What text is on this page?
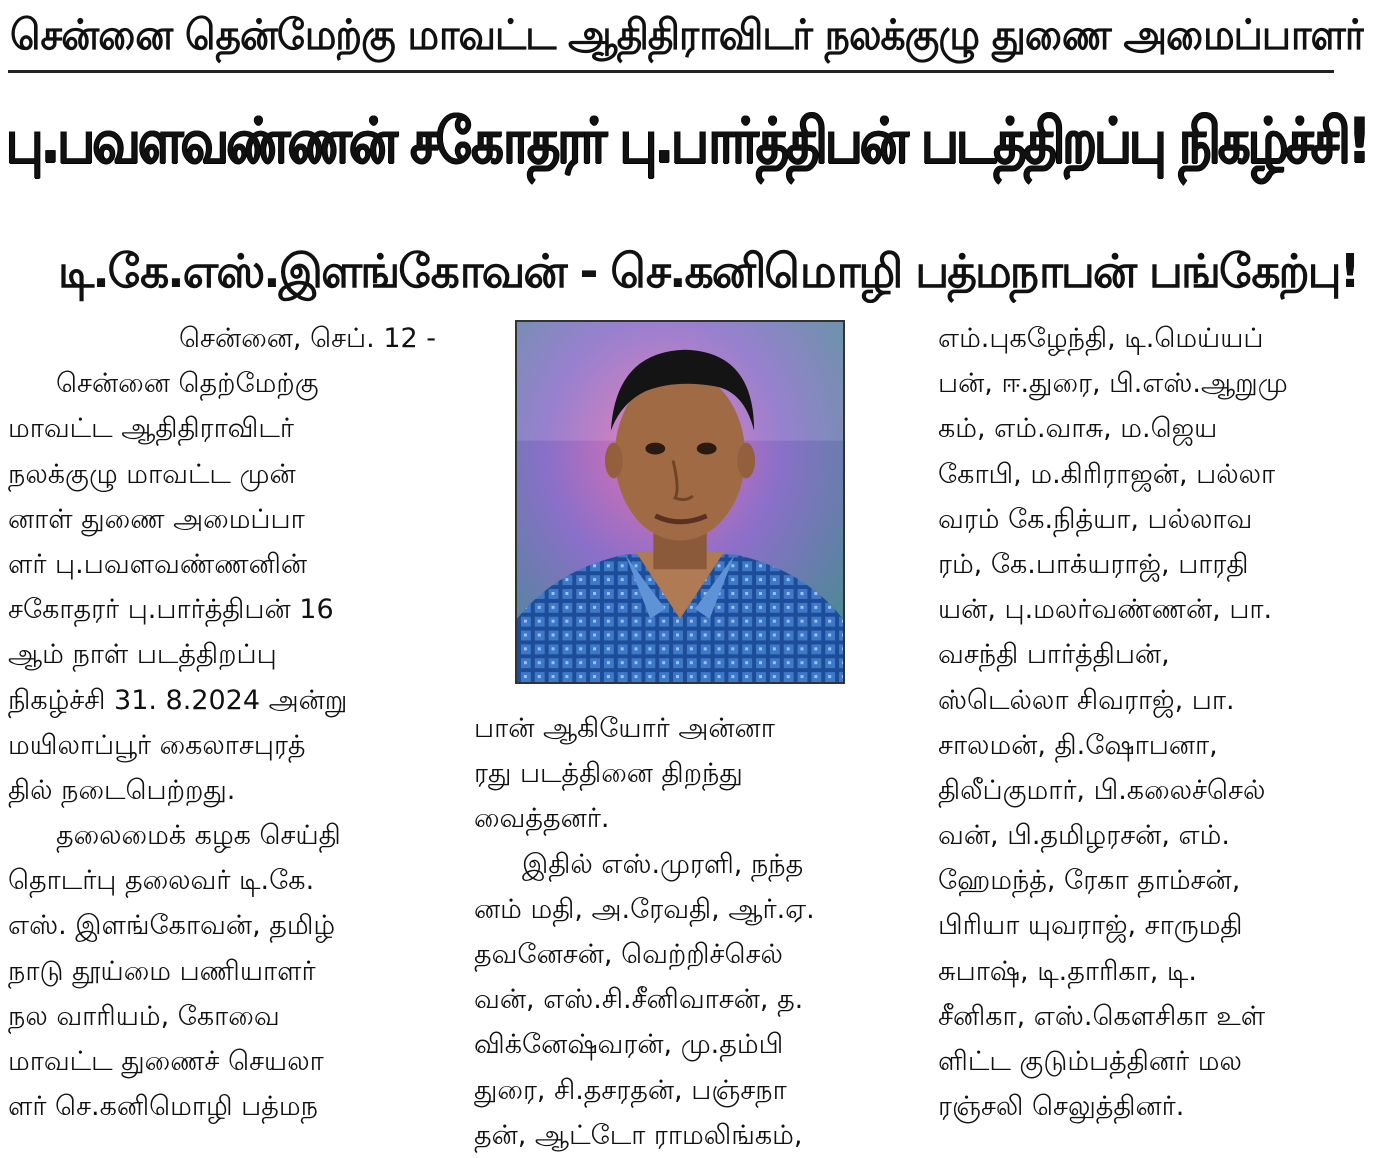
சென்னை தென்மேற்கு மாவட்ட ஆதிதிராவிடர் நலக்குழு துணை அமைப்பாளர்
பு.பவளவண்ணன் சகோதரர் பு.பார்த்திபன் படத்திறப்பு நிகழ்ச்சி!
டி.கே.எஸ்.இளங்கோவன் - செ.கனிமொழி பத்மநாபன் பங்கேற்பு!
சென்னை, செப். 12 -
சென்னை தெற்மேற்கு
மாவட்ட ஆதிதிராவிடர்
நலக்குழு மாவட்ட முன்
னாள் துணை அமைப்பா
ளர் பு.பவளவண்ணனின்
சகோதரர் பு.பார்த்திபன் 16
ஆம் நாள் படத்திறப்பு
நிகழ்ச்சி 31. 8.2024 அன்று
மயிலாப்பூர் கைலாசபுரத்
தில் நடைபெற்றது.
தலைமைக் கழக செய்தி
தொடர்பு தலைவர் டி.கே.
எஸ். இளங்கோவன், தமிழ்
நாடு தூய்மை பணியாளர்
நல வாரியம், கோவை
மாவட்ட துணைச் செயலா
ளர் செ.கனிமொழி பத்மந
பான் ஆகியோர் அன்னா
ரது படத்தினை திறந்து
வைத்தனர்.
இதில் எஸ்.முரளி, நந்த
னம் மதி, அ.ரேவதி, ஆர்.ஏ.
தவனேசன், வெற்றிச்செல்
வன், எஸ்.சி.சீனிவாசன், த.
விக்னேஷ்வரன், மு.தம்பி
துரை, சி.தசரதன், பஞ்சநா
தன், ஆட்டோ ராமலிங்கம்,
எம்.புகழேந்தி, டி.மெய்யப்
பன், ஈ.துரை, பி.எஸ்.ஆறுமு
கம், எம்.வாசு, ம.ஜெய
கோபி, ம.கிரிராஜன், பல்லா
வரம் கே.நித்யா, பல்லாவ
ரம், கே.பாக்யராஜ், பாரதி
யன், பு.மலர்வண்ணன், பா.
வசந்தி பார்த்திபன்,
ஸ்டெல்லா சிவராஜ், பா.
சாலமன், தி.ஷோபனா,
திலீப்குமார், பி.கலைச்செல்
வன், பி.தமிழரசன், எம்.
ஹேமந்த், ரேகா தாம்சன்,
பிரியா யுவராஜ், சாருமதி
சுபாஷ், டி.தாரிகா, டி.
சீனிகா, எஸ்.கௌசிகா உள்
ளிட்ட குடும்பத்தினர் மல
ரஞ்சலி செலுத்தினர்.
